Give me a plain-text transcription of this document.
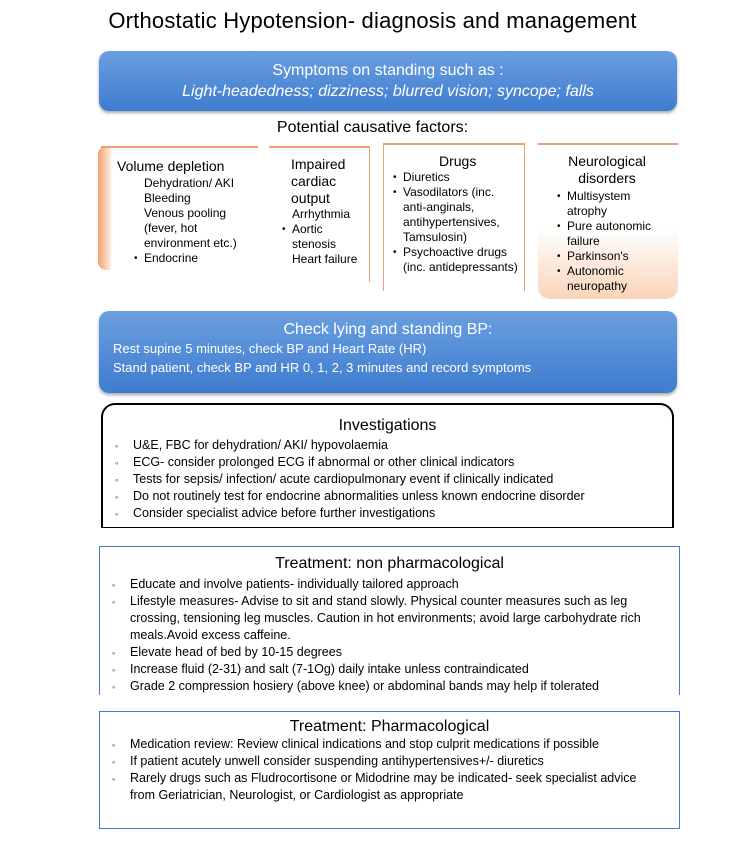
Orthostatic Hypotension- diagnosis and management
Symptoms on standing such as :
Light-headedness; dizziness; blurred vision; syncope; falls
Potential causative factors:
Volume depletion
Dehydration/ AKI
Bleeding
Venous pooling (fever, hot environment etc.)
• Endocrine
Impaired
cardiac
output
Arrhythmia
• Aortic stenosis
Heart failure
Drugs
• Diuretics
• Vasodilators (inc. anti-anginals, antihypertensives, Tamsulosin)
• Psychoactive drugs (inc. antidepressants)
Neurological
disorders
• Multisystem atrophy
• Pure autonomic failure
• Parkinson's
• Autonomic neuropathy
Check lying and standing BP:
Rest supine 5 minutes, check BP and Heart Rate (HR)
Stand patient, check BP and HR 0, 1, 2, 3 minutes and record symptoms
Investigations
◦ U&E, FBC for dehydration/ AKI/ hypovolaemia
◦ ECG- consider prolonged ECG if abnormal or other clinical indicators
◦ Tests for sepsis/ infection/ acute cardiopulmonary event if clinically indicated
◦ Do not routinely test for endocrine abnormalities unless known endocrine disorder
◦ Consider specialist advice before further investigations
Treatment: non pharmacological
◦ Educate and involve patients- individually tailored approach
◦ Lifestyle measures- Advise to sit and stand slowly. Physical counter measures such as leg crossing, tensioning leg muscles. Caution in hot environments; avoid large carbohydrate rich meals.Avoid excess caffeine.
◦ Elevate head of bed by 10-15 degrees
◦ Increase fluid (2-31) and salt (7-1Og) daily intake unless contraindicated
◦ Grade 2 compression hosiery (above knee) or abdominal bands may help if tolerated
Treatment: Pharmacological
◦ Medication review: Review clinical indications and stop culprit medications if possible
◦ If patient acutely unwell consider suspending antihypertensives+/- diuretics
◦ Rarely drugs such as Fludrocortisone or Midodrine may be indicated- seek specialist advice from Geriatrician, Neurologist, or Cardiologist as appropriate
